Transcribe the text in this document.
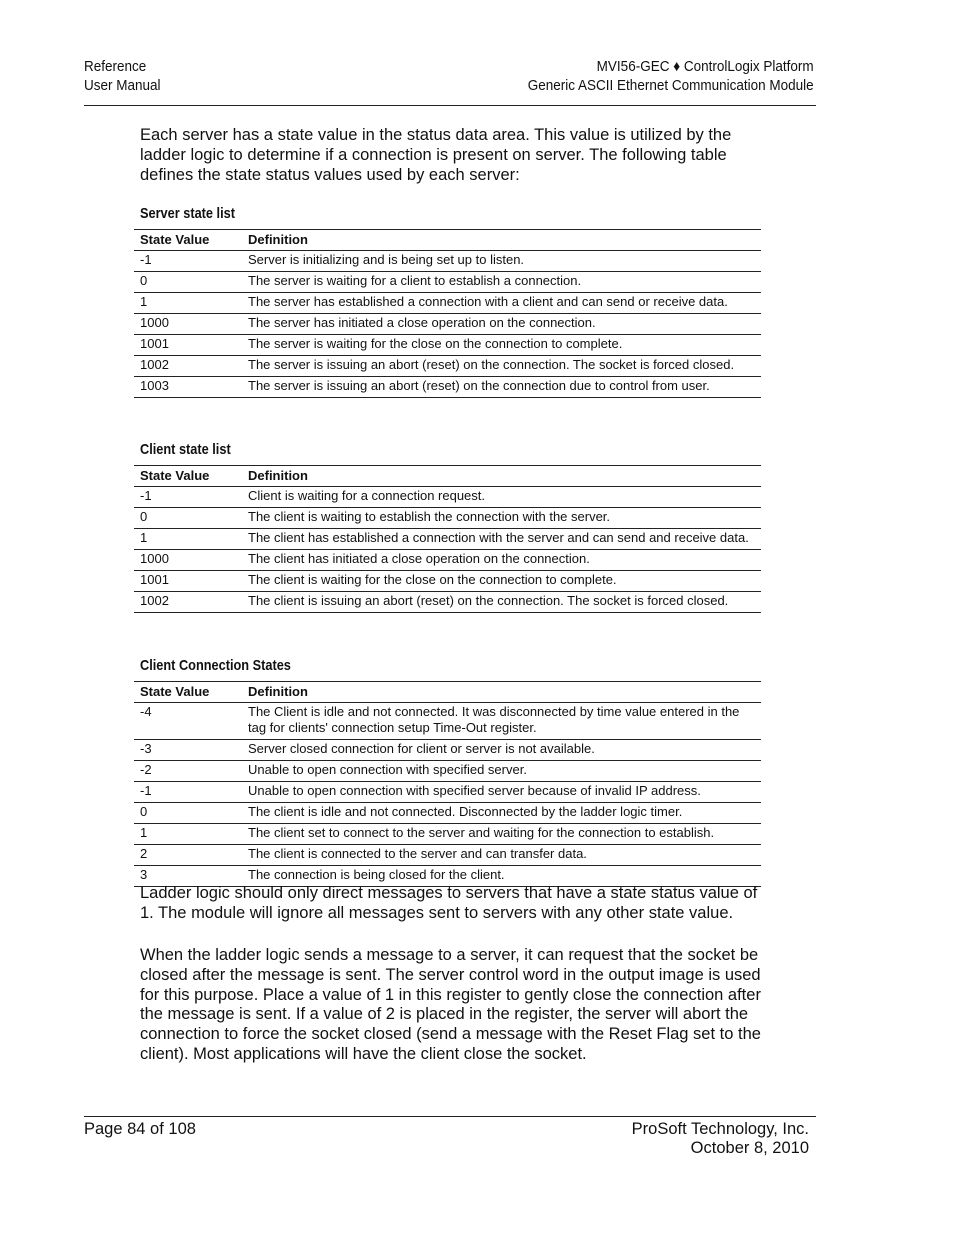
Reference
User Manual
MVI56-GEC ♦ ControlLogix Platform
Generic ASCII Ethernet Communication Module
Each server has a state value in the status data area. This value is utilized by the ladder logic to determine if a connection is present on server. The following table defines the state status values used by each server:
Server state list
State Value	Definition
-1	Server is initializing and is being set up to listen.
0	The server is waiting for a client to establish a connection.
1	The server has established a connection with a client and can send or receive data.
1000	The server has initiated a close operation on the connection.
1001	The server is waiting for the close on the connection to complete.
1002	The server is issuing an abort (reset) on the connection. The socket is forced closed.
1003	The server is issuing an abort (reset) on the connection due to control from user.
Client state list
State Value	Definition
-1	Client is waiting for a connection request.
0	The client is waiting to establish the connection with the server.
1	The client has established a connection with the server and can send and receive data.
1000	The client has initiated a close operation on the connection.
1001	The client is waiting for the close on the connection to complete.
1002	The client is issuing an abort (reset) on the connection. The socket is forced closed.
Client Connection States
State Value	Definition
-4	The Client is idle and not connected. It was disconnected by time value entered in the tag for clients' connection setup Time-Out register.
-3	Server closed connection for client or server is not available.
-2	Unable to open connection with specified server.
-1	Unable to open connection with specified server because of invalid IP address.
0	The client is idle and not connected. Disconnected by the ladder logic timer.
1	The client set to connect to the server and waiting for the connection to establish.
2	The client is connected to the server and can transfer data.
3	The connection is being closed for the client.
Ladder logic should only direct messages to servers that have a state status value of 1. The module will ignore all messages sent to servers with any other state value.
When the ladder logic sends a message to a server, it can request that the socket be closed after the message is sent. The server control word in the output image is used for this purpose. Place a value of 1 in this register to gently close the connection after the message is sent. If a value of 2 is placed in the register, the server will abort the connection to force the socket closed (send a message with the Reset Flag set to the client). Most applications will have the client close the socket.
Page 84 of 108	ProSoft Technology, Inc.
October 8, 2010
